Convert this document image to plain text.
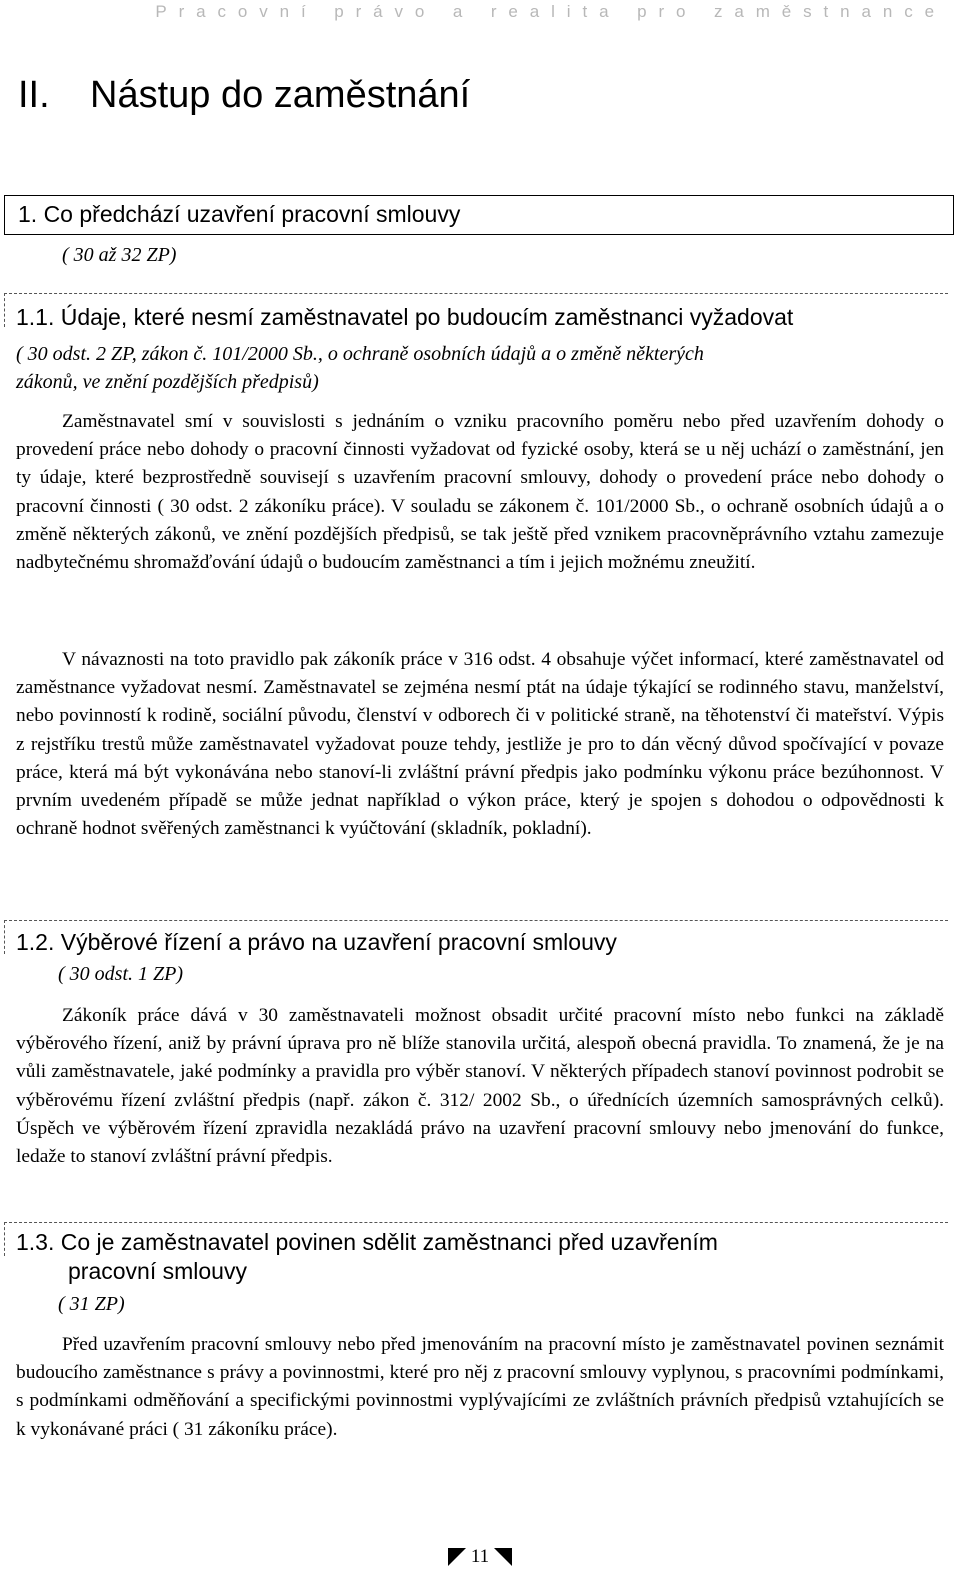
Pracovní právo a realita pro zaměstnance
II. Nástup do zaměstnání
1. Co předchází uzavření pracovní smlouvy
( 30 až 32 ZP)
1.1. Údaje, které nesmí zaměstnavatel po budoucím zaměstnanci vyžadovat
( 30 odst. 2 ZP, zákon č. 101/2000 Sb., o ochraně osobních údajů a o změně některých
zákonů, ve znění pozdějších předpisů)

Zaměstnavatel smí v souvislosti s jednáním o vzniku pracovního poměru nebo před uzavřením dohody o provedení práce nebo dohody o pracovní činnosti vyžadovat od fyzické osoby, která se u něj uchází o zaměstnání, jen ty údaje, které bezprostředně souvisejí s uzavřením pracovní smlouvy, dohody o provedení práce nebo dohody o pracovní činnosti ( 30 odst. 2 zákoníku práce). V souladu se zákonem č. 101/2000 Sb., o ochraně osobních údajů a o změně některých zákonů, ve znění pozdějších předpisů, se tak ještě před vznikem pracovněprávního vztahu zamezuje nadbytečnému shromažďování údajů o budoucím zaměstnanci a tím i jejich možnému zneužití.

V návaznosti na toto pravidlo pak zákoník práce v 316 odst. 4 obsahuje výčet informací, které zaměstnavatel od zaměstnance vyžadovat nesmí. Zaměstnavatel se zejména nesmí ptát na údaje týkající se rodinného stavu, manželství, nebo povinností k rodině, sociální původu, členství v odborech či v politické straně, na těhotenství či mateřství. Výpis z rejstříku trestů může zaměstnavatel vyžadovat pouze tehdy, jestliže je pro to dán věcný důvod spočívající v povaze práce, která má být vykonávána nebo stanoví-li zvláštní právní předpis jako podmínku výkonu práce bezúhonnost. V prvním uvedeném případě se může jednat například o výkon práce, který je spojen s dohodou o odpovědnosti k ochraně hodnot svěřených zaměstnanci k vyúčtování (skladník, pokladní).

1.2. Výběrové řízení a právo na uzavření pracovní smlouvy
( 30 odst. 1 ZP)

Zákoník práce dává v 30 zaměstnavateli možnost obsadit určité pracovní místo nebo funkci na základě výběrového řízení, aniž by právní úprava pro ně blíže stanovila určitá, alespoň obecná pravidla. To znamená, že je na vůli zaměstnavatele, jaké podmínky a pravidla pro výběr stanoví. V některých případech stanoví povinnost podrobit se výběrovému řízení zvláštní předpis (např. zákon č. 312/ 2002 Sb., o úřednících územních samosprávných celků). Úspěch ve výběrovém řízení zpravidla nezakládá právo na uzavření pracovní smlouvy nebo jmenování do funkce, ledaže to stanoví zvláštní právní předpis.

1.3. Co je zaměstnavatel povinen sdělit zaměstnanci před uzavřením
pracovní smlouvy
( 31 ZP)

Před uzavřením pracovní smlouvy nebo před jmenováním na pracovní místo je zaměstnavatel povinen seznámit budoucího zaměstnance s právy a povinnostmi, které pro něj z pracovní smlouvy vyplynou, s pracovními podmínkami, s podmínkami odměňování a specifickými povinnostmi vyplývajícími ze zvláštních právních předpisů vztahujících se k vykonávané práci ( 31 zákoníku práce).

11
